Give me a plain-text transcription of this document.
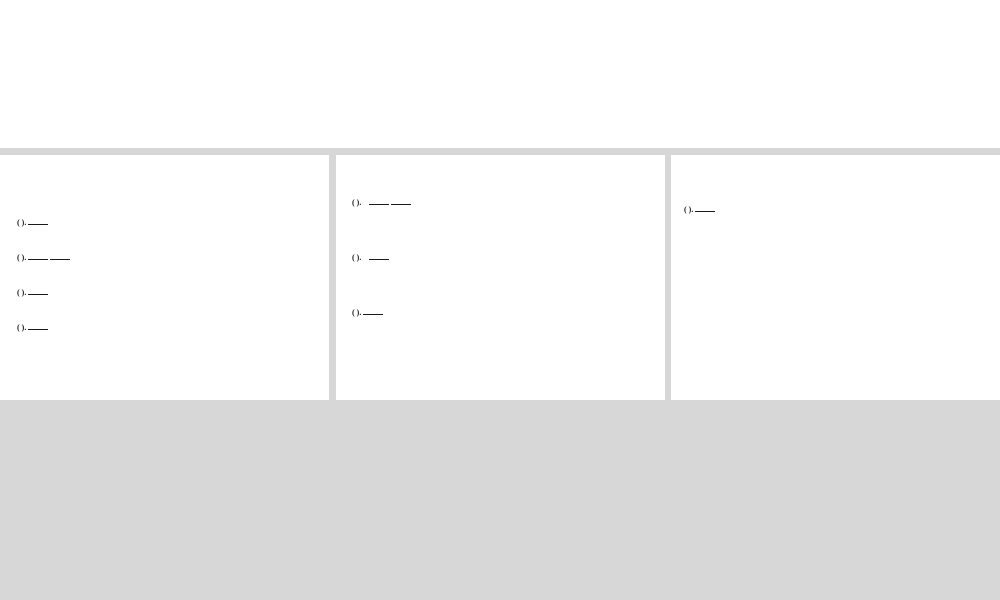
( ).
( ).
( ).
( ).
( ).
( ).
( ).
( ).
